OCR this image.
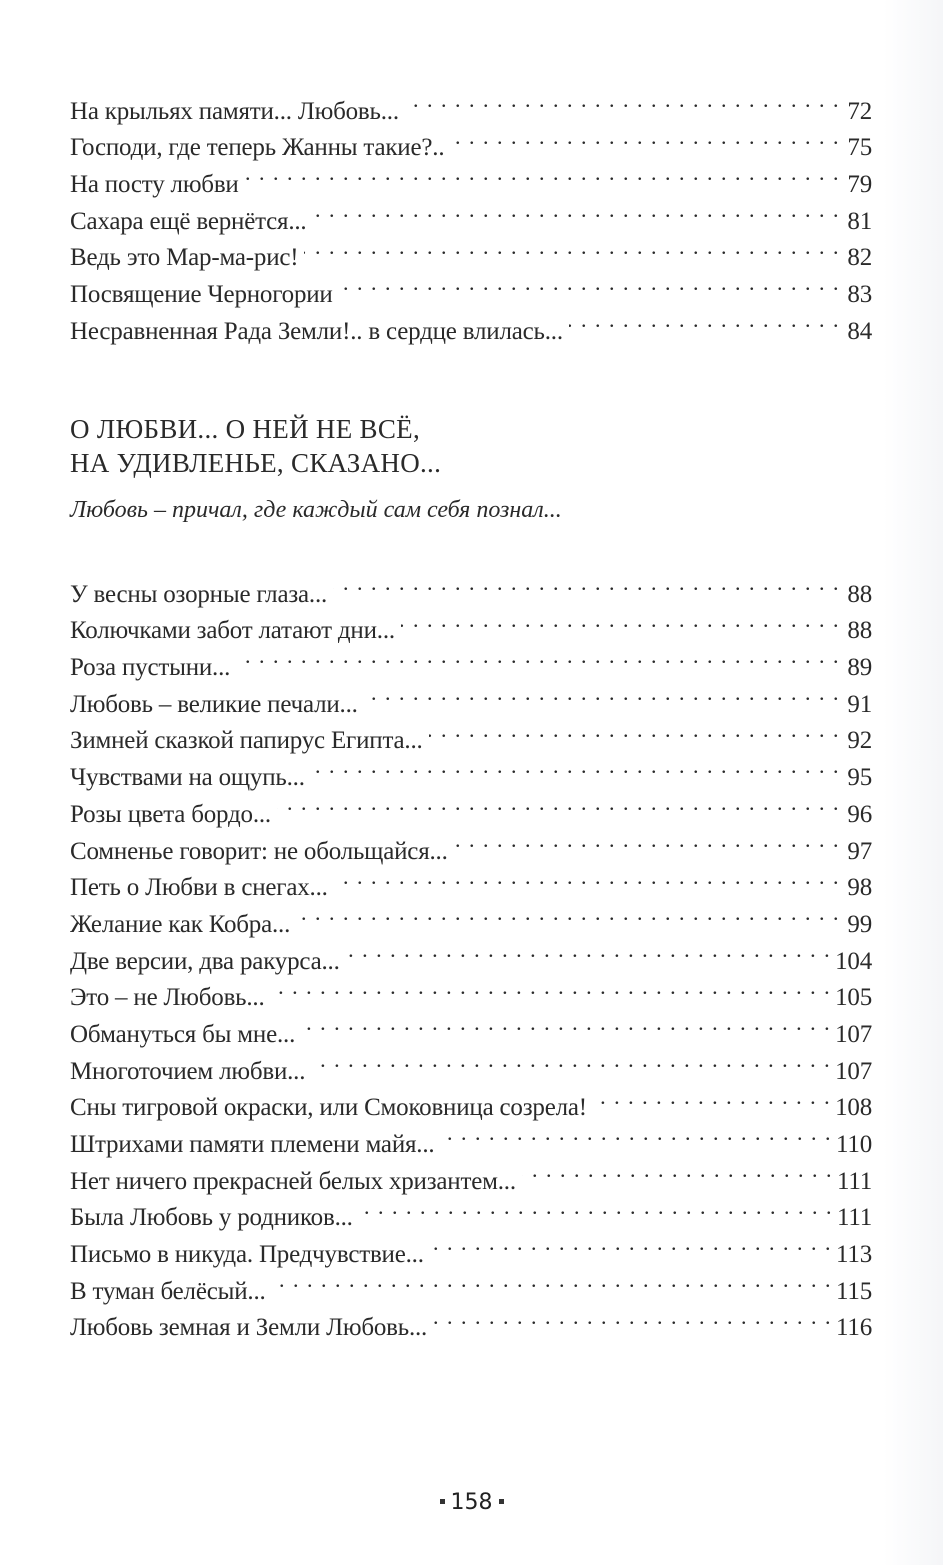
На крыльях памяти... Любовь... . . .	72
Господи, где теперь Жанны такие?.. . . .	75
На посту любви . . .	79
Сахара ещё вернётся... . . .	81
Ведь это Мар-ма-рис! . . .	82
Посвящение Черногории . . .	83
Несравненная Рада Земли!.. в сердце влилась... . . .	84
О ЛЮБВИ... О НЕЙ НЕ ВСЁ,
НА УДИВЛЕНЬЕ, СКАЗАНО...
Любовь – причал, где каждый сам себя познал...
У весны озорные глаза... . . .	88
Колючками забот латают дни... . . .	88
Роза пустыни... . . .	89
Любовь – великие печали... . . .	91
Зимней сказкой папирус Египта... . . .	92
Чувствами на ощупь... . . .	95
Розы цвета бордо... . . .	96
Сомненье говорит: не обольщайся... . . .	97
Петь о Любви в снегах... . . .	98
Желание как Кобра... . . .	99
Две версии, два ракурса... . . .	104
Это – не Любовь... . . .	105
Обмануться бы мне... . . .	107
Многоточием любви... . . .	107
Сны тигровой окраски, или Смоковница созрела! . . .	108
Штрихами памяти племени майя... . . .	110
Нет ничего прекрасней белых хризантем... . . .	111
Была Любовь у родников... . . .	111
Письмо в никуда. Предчувствие... . . .	113
В туман белёсый... . . .	115
Любовь земная и Земли Любовь... . . .	116
158
